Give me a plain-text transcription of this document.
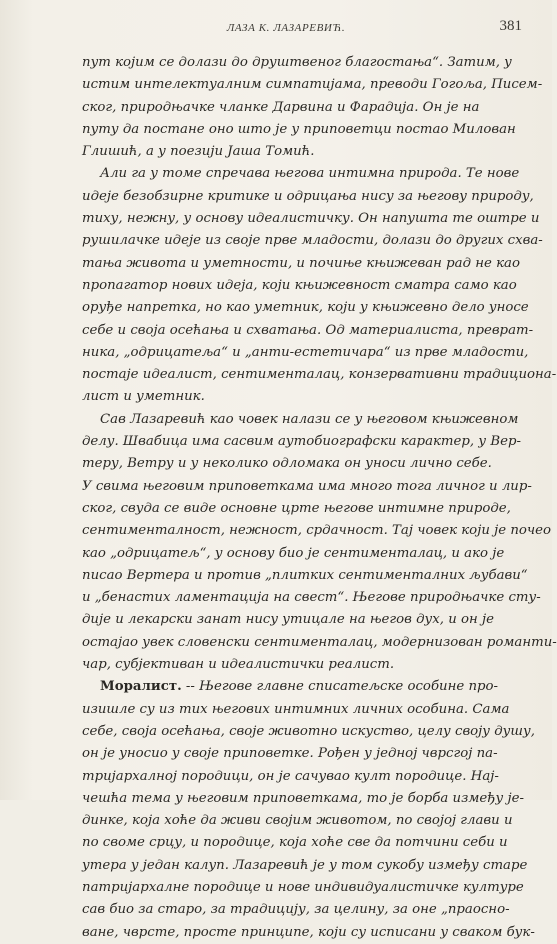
ЛАЗА К. ЛАЗАРЕВИЋ.	381
пут којим се долази до друштвеног благостања“. Затим, у
истим интелектуалним симпатијама, преводи Гогоља, Писем-
ског, природњачке чланке Дарвина и Фарадија. Он је на
путу да постане оно што је у приповетци постао Милован
Глишић, а у поезији Јаша Томић.
Али га у томе спречава његова интимна природа. Те нове
идеје безобзирне критике и одрицања нису за његову природу,
тиху, нежну, у основу идеалистичку. Он напушта те оштре и
рушилачке идеје из своје прве младости, долази до других схва-
тања живота и уметности, и почиње књижеван рад не као
пропагатор нових идеја, који књижевност сматра само као
оруђе напретка, но као уметник, који у књижевно дело уносе
себе и своја осећања и схватања. Од материалиста, преврат-
ника, „одрицатеља“ и „анти-естетичара“ из прве младости,
постаје идеалист, сентименталац, конзервативни традициона-
лист и уметник.
Сав Лазаревић као човек налази се у његовом књижевном
делу. Швабица има сасвим аутобиографски карактер, у Вер-
теру, Ветру и у неколико одломака он уноси лично себе.
У свима његовим приповеткама има много тога личног и лир-
ског, свуда се виде основне црте његове интимне природе,
сентименталност, нежност, срдачност. Тај човек који је почео
као „одрицатељ“, у основу био је сентименталац, и ако је
писао Вертера и против „плитких сентименталних љубави“
и „бенастих ламентација на свест“. Његове природњачке сту-
дије и лекарски занат нису утицале на његов дух, и он је
остајао увек словенски сентименталац, модернизован романти-
чар, субјективан и идеалистички реалист.
Моралист. -- Његове главне списатељске особине про-
изишле су из тих његових интимних личних особина. Сама
себе, своја осећања, своје животно искуство, целу своју душу,
он је уносио у своје приповетке. Рођен у једној чврсгој па-
тријархалној породици, он је сачувао култ породице. Нај-
чешћа тема у његовим приповеткама, то је борба између је-
динке, која хоће да живи својим животом, по својој глави и
по своме срцу, и породице, која хоће све да потчини себи и
утера у један калуп. Лазаревић је у том сукобу између старе
патријархалне породице и нове индивидуалистичке културе
сав био за старо, за традицију, за целину, за оне „праосно-
ване, чврсте, просте принципе, који су исписани у сваком бук-
